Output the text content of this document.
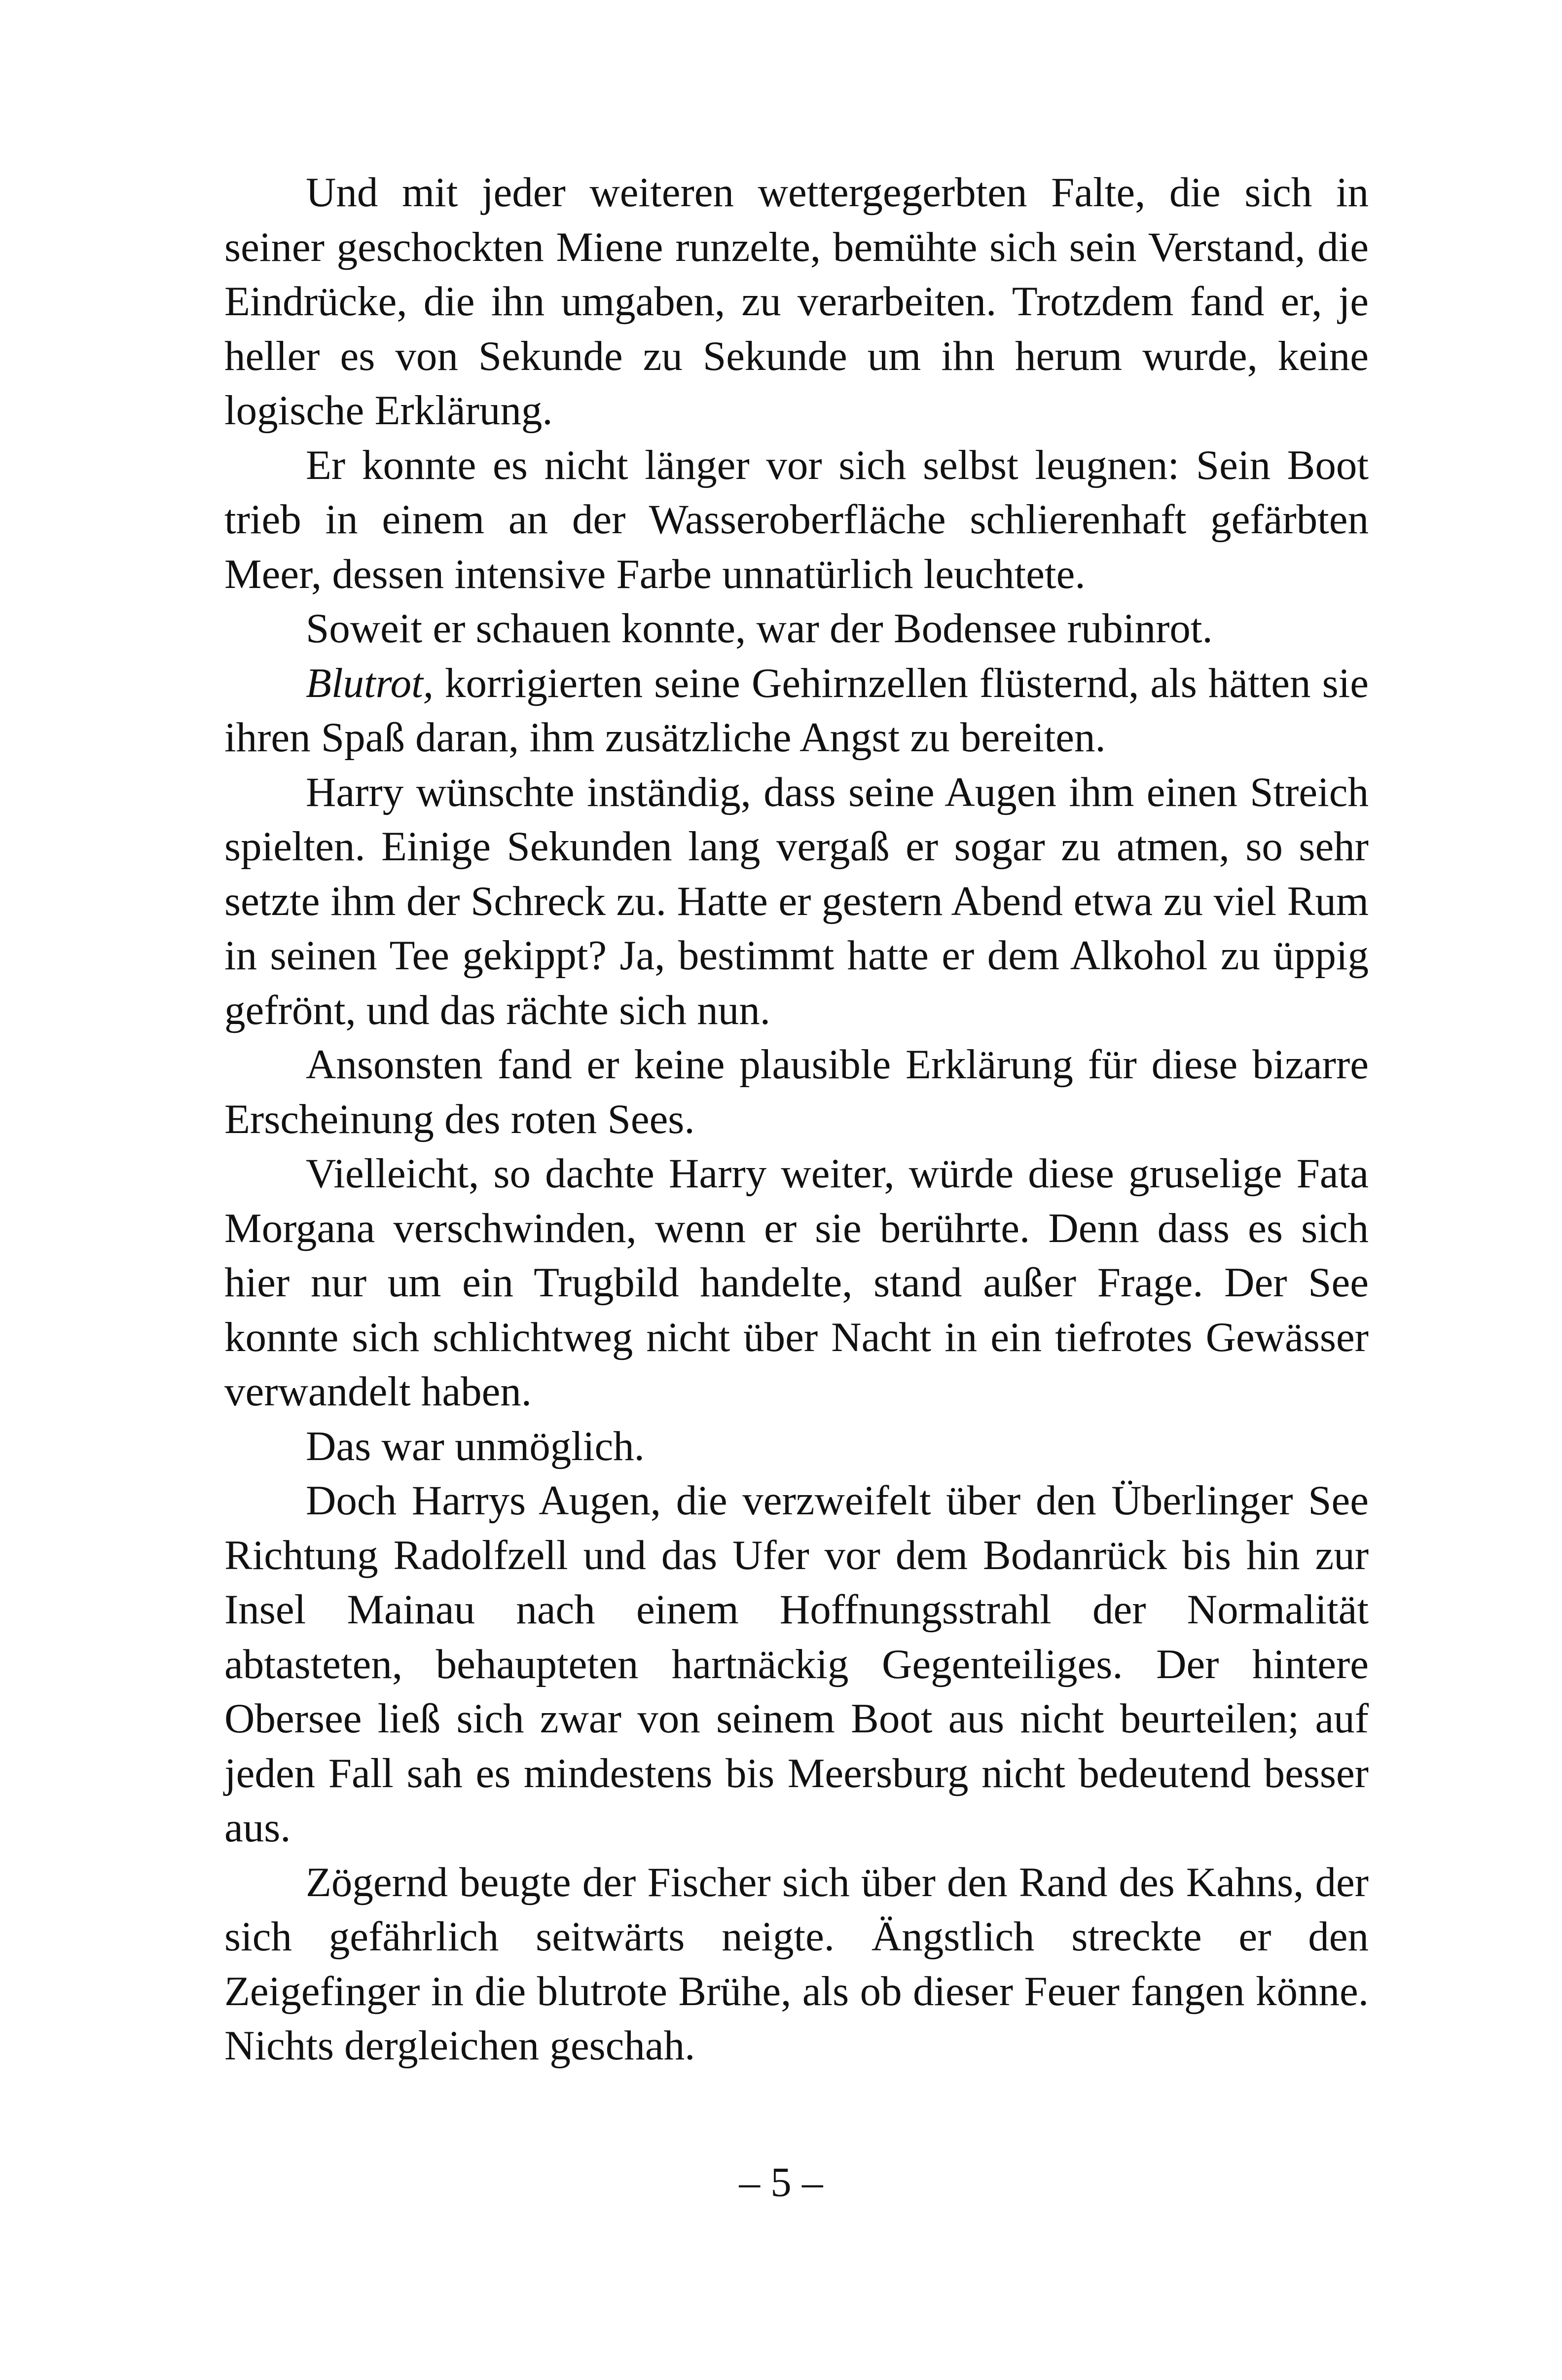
Und mit jeder weiteren wettergegerbten Falte, die sich in seiner geschockten Miene runzelte, bemühte sich sein Verstand, die Eindrücke, die ihn umgaben, zu verarbeiten. Trotzdem fand er, je heller es von Sekunde zu Sekunde um ihn herum wurde, keine logische Erklärung.

Er konnte es nicht länger vor sich selbst leugnen: Sein Boot trieb in einem an der Wasseroberfläche schlierenhaft gefärbten Meer, dessen intensive Farbe unnatürlich leuchtete.

Soweit er schauen konnte, war der Bodensee rubinrot.

Blutrot, korrigierten seine Gehirnzellen flüsternd, als hätten sie ihren Spaß daran, ihm zusätzliche Angst zu bereiten.

Harry wünschte inständig, dass seine Augen ihm einen Streich spielten. Einige Sekunden lang vergaß er sogar zu atmen, so sehr setzte ihm der Schreck zu. Hatte er gestern Abend etwa zu viel Rum in seinen Tee gekippt? Ja, bestimmt hatte er dem Alkohol zu üppig gefrönt, und das rächte sich nun.

Ansonsten fand er keine plausible Erklärung für diese bizarre Erscheinung des roten Sees.

Vielleicht, so dachte Harry weiter, würde diese gruselige Fata Morgana verschwinden, wenn er sie berührte. Denn dass es sich hier nur um ein Trugbild handelte, stand außer Frage. Der See konnte sich schlichtweg nicht über Nacht in ein tiefrotes Gewässer verwandelt haben.

Das war unmöglich.

Doch Harrys Augen, die verzweifelt über den Überlinger See Richtung Radolfzell und das Ufer vor dem Bodanrück bis hin zur Insel Mainau nach einem Hoffnungsstrahl der Normalität abtasteten, behaupteten hartnäckig Gegenteiliges. Der hintere Obersee ließ sich zwar von seinem Boot aus nicht beurteilen; auf jeden Fall sah es mindestens bis Meersburg nicht bedeutend besser aus.

Zögernd beugte der Fischer sich über den Rand des Kahns, der sich gefährlich seitwärts neigte. Ängstlich streckte er den Zeigefinger in die blutrote Brühe, als ob dieser Feuer fangen könne. Nichts dergleichen geschah.

– 5 –
